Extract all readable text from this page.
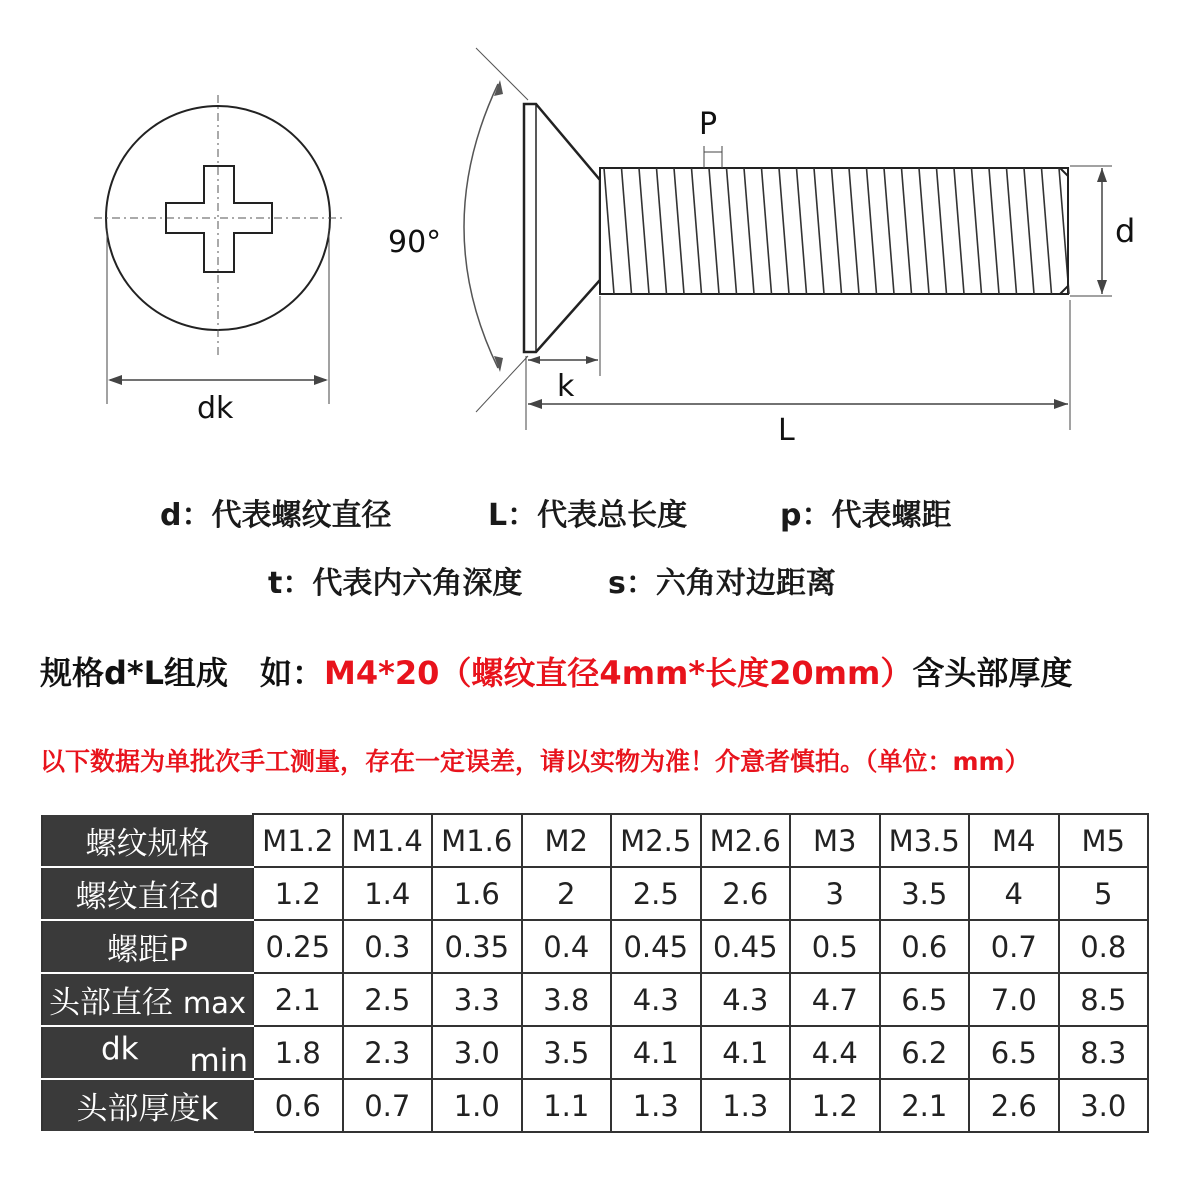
dk
90°
P
d
k
L
d：代表螺纹直径	L：代表总长度	p：代表螺距
t：代表内六角深度	s：六角对边距离
规格d*L组成　如：M4*20（螺纹直径4mm*长度20mm）含头部厚度
以下数据为单批次手工测量，存在一定误差，请以实物为准！介意者慎拍。（单位：mm）
螺纹规格	M1.2	M1.4	M1.6	M2	M2.5	M2.6	M3	M3.5	M4	M5
螺纹直径d	1.2	1.4	1.6	2	2.5	2.6	3	3.5	4	5
螺距P	0.25	0.3	0.35	0.4	0.45	0.45	0.5	0.6	0.7	0.8
头部直径 max	2.1	2.5	3.3	3.8	4.3	4.3	4.7	6.5	7.0	8.5

dk min	1.8	2.3	3.0	3.5	4.1	4.1	4.4	6.2	6.5	8.3
头部厚度k	0.6	0.7	1.0	1.1	1.3	1.3	1.2	2.1	2.6	3.0
